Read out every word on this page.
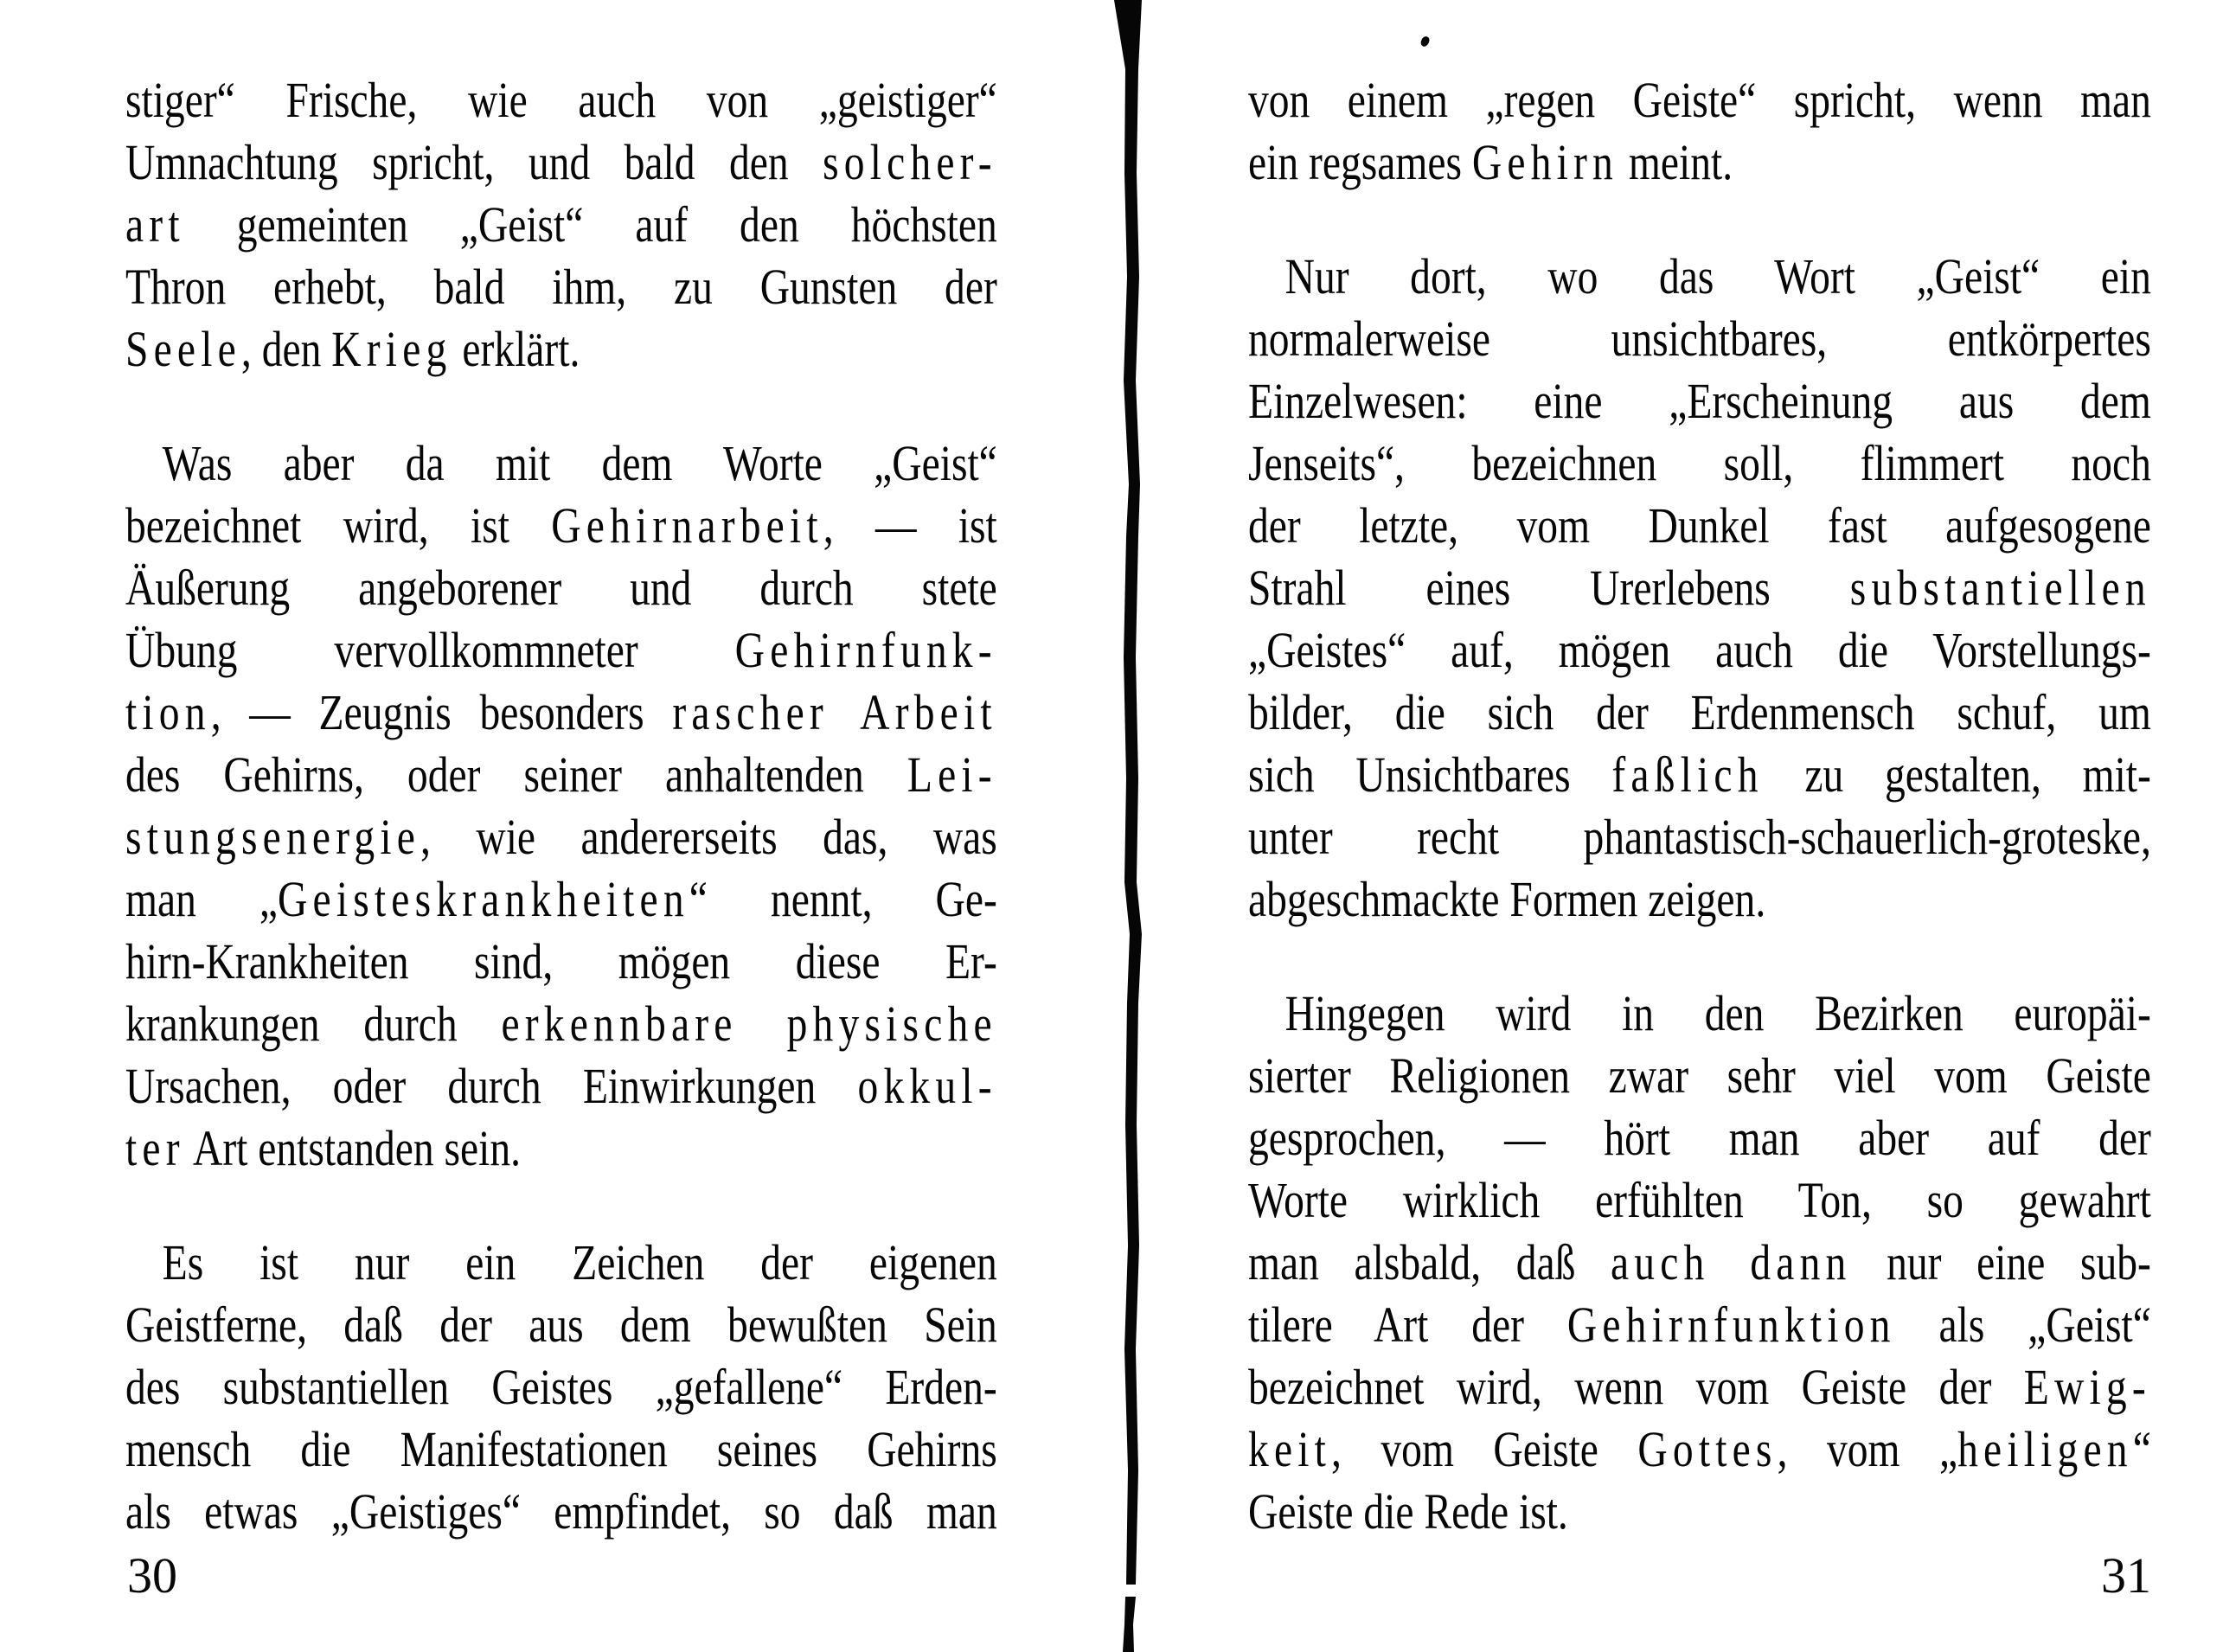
stiger“ Frische, wie auch von „geistiger“
Umnachtung spricht, und bald den solcher-
art gemeinten „Geist“ auf den höchsten
Thron erhebt, bald ihm, zu Gunsten der
Seele, den Krieg erklärt.
Was aber da mit dem Worte „Geist“
bezeichnet wird, ist Gehirnarbeit, — ist
Äußerung angeborener und durch stete
Übung vervollkommneter Gehirnfunk-
tion, — Zeugnis besonders rascher Arbeit
des Gehirns, oder seiner anhaltenden Lei-
stungsenergie, wie andererseits das, was
man „Geisteskrankheiten“ nennt, Ge-
hirn-Krankheiten sind, mögen diese Er-
krankungen durch erkennbare physische
Ursachen, oder durch Einwirkungen okkul-
ter Art entstanden sein.
Es ist nur ein Zeichen der eigenen
Geistferne, daß der aus dem bewußten Sein
des substantiellen Geistes „gefallene“ Erden-
mensch die Manifestationen seines Gehirns
als etwas „Geistiges“ empfindet, so daß man
von einem „regen Geiste“ spricht, wenn man
ein regsames Gehirn meint.
Nur dort, wo das Wort „Geist“ ein
normalerweise unsichtbares, entkörpertes
Einzelwesen: eine „Erscheinung aus dem
Jenseits“, bezeichnen soll, flimmert noch
der letzte, vom Dunkel fast aufgesogene
Strahl eines Urerlebens substantiellen
„Geistes“ auf, mögen auch die Vorstellungs-
bilder, die sich der Erdenmensch schuf, um
sich Unsichtbares faßlich zu gestalten, mit-
unter recht phantastisch-schauerlich-groteske,
abgeschmackte Formen zeigen.
Hingegen wird in den Bezirken europäi-
sierter Religionen zwar sehr viel vom Geiste
gesprochen, — hört man aber auf der
Worte wirklich erfühlten Ton, so gewahrt
man alsbald, daß auch dann nur eine sub-
tilere Art der Gehirnfunktion als „Geist“
bezeichnet wird, wenn vom Geiste der Ewig-
keit, vom Geiste Gottes, vom „heiligen“
Geiste die Rede ist.
30	31
